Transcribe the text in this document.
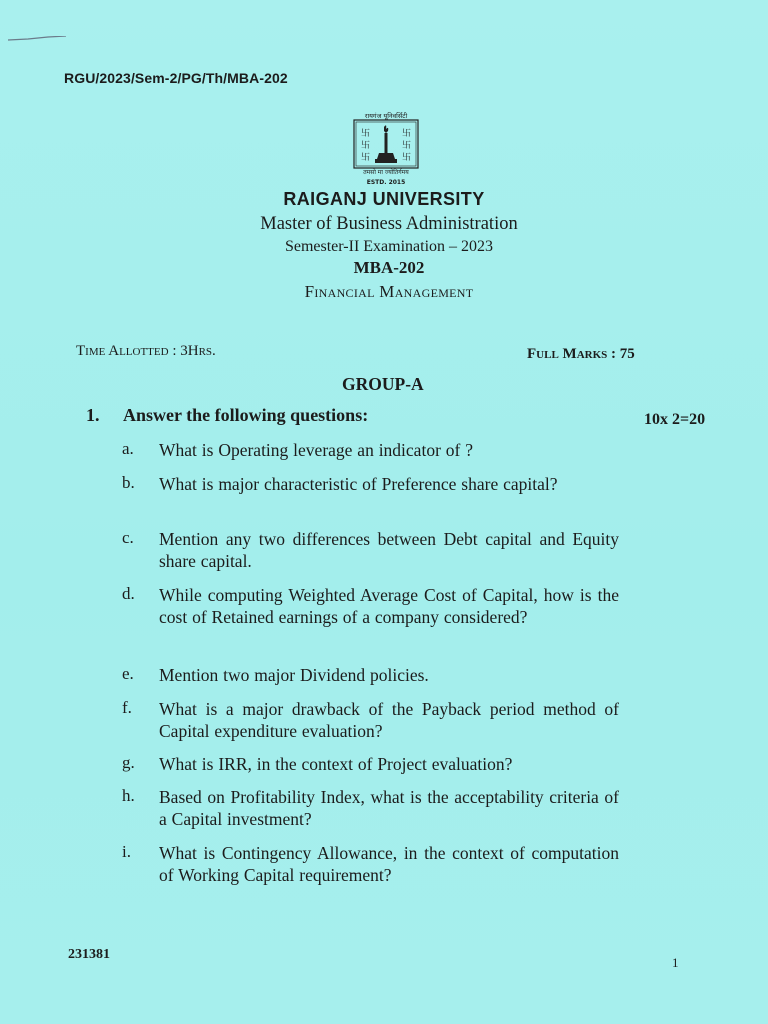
RGU/2023/Sem-2/PG/Th/MBA-202
卐
卐
卐
卐
卐
卐
रायगंज यूनिवर्सिटी
तमसो मा ज्योतिर्गमय
ESTD. 2015
RAIGANJ UNIVERSITY
Master of Business Administration
Semester-II Examination – 2023
MBA-202
Financial Management
Time Allotted : 3Hrs.	Full Marks : 75
GROUP-A
1. Answer the following questions:	10x 2=20
a. What is Operating leverage an indicator of ?
b. What is major characteristic of Preference share capital?
c. Mention any two differences between Debt capital and Equity share capital.
d. While computing Weighted Average Cost of Capital, how is the cost of Retained earnings of a company considered?
e. Mention two major Dividend policies.
f. What is a major drawback of the Payback period method of Capital expenditure evaluation?
g. What is IRR, in the context of Project evaluation?
h. Based on Profitability Index, what is the acceptability criteria of a Capital investment?
i. What is Contingency Allowance, in the context of computation of Working Capital requirement?
231381
1
